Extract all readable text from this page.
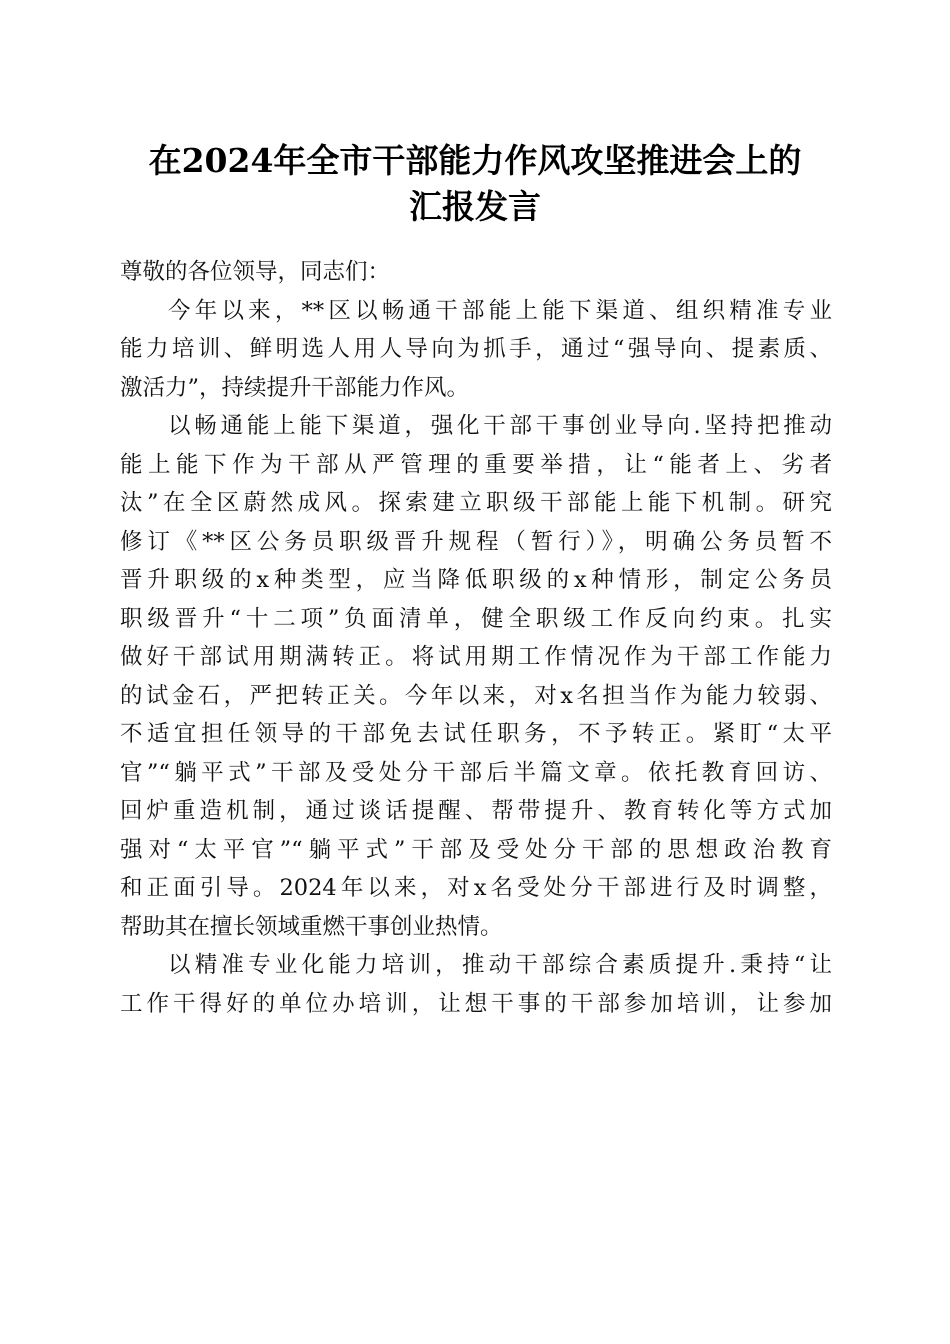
在2024年全市干部能力作风攻坚推进会上的
汇报发言
尊敬的各位领导，同志们：
今年以来，**区以畅通干部能上能下渠道、组织精准专业
能力培训、鲜明选人用人导向为抓手，通过“强导向、提素质、
激活力”，持续提升干部能力作风。
以畅通能上能下渠道，强化干部干事创业导向.坚持把推动
能上能下作为干部从严管理的重要举措，让“能者上、劣者
汰”在全区蔚然成风。探索建立职级干部能上能下机制。研究
修订《**区公务员职级晋升规程（暂行）》，明确公务员暂不
晋升职级的x种类型，应当降低职级的x种情形，制定公务员
职级晋升“十二项”负面清单，健全职级工作反向约束。扎实
做好干部试用期满转正。将试用期工作情况作为干部工作能力
的试金石，严把转正关。今年以来，对x名担当作为能力较弱、
不适宜担任领导的干部免去试任职务，不予转正。紧盯“太平
官”“躺平式”干部及受处分干部后半篇文章。依托教育回访、
回炉重造机制，通过谈话提醒、帮带提升、教育转化等方式加
强对“太平官”“躺平式”干部及受处分干部的思想政治教育
和正面引导。2024年以来，对x名受处分干部进行及时调整，
帮助其在擅长领域重燃干事创业热情。
以精准专业化能力培训，推动干部综合素质提升.秉持“让
工作干得好的单位办培训，让想干事的干部参加培训，让参加
